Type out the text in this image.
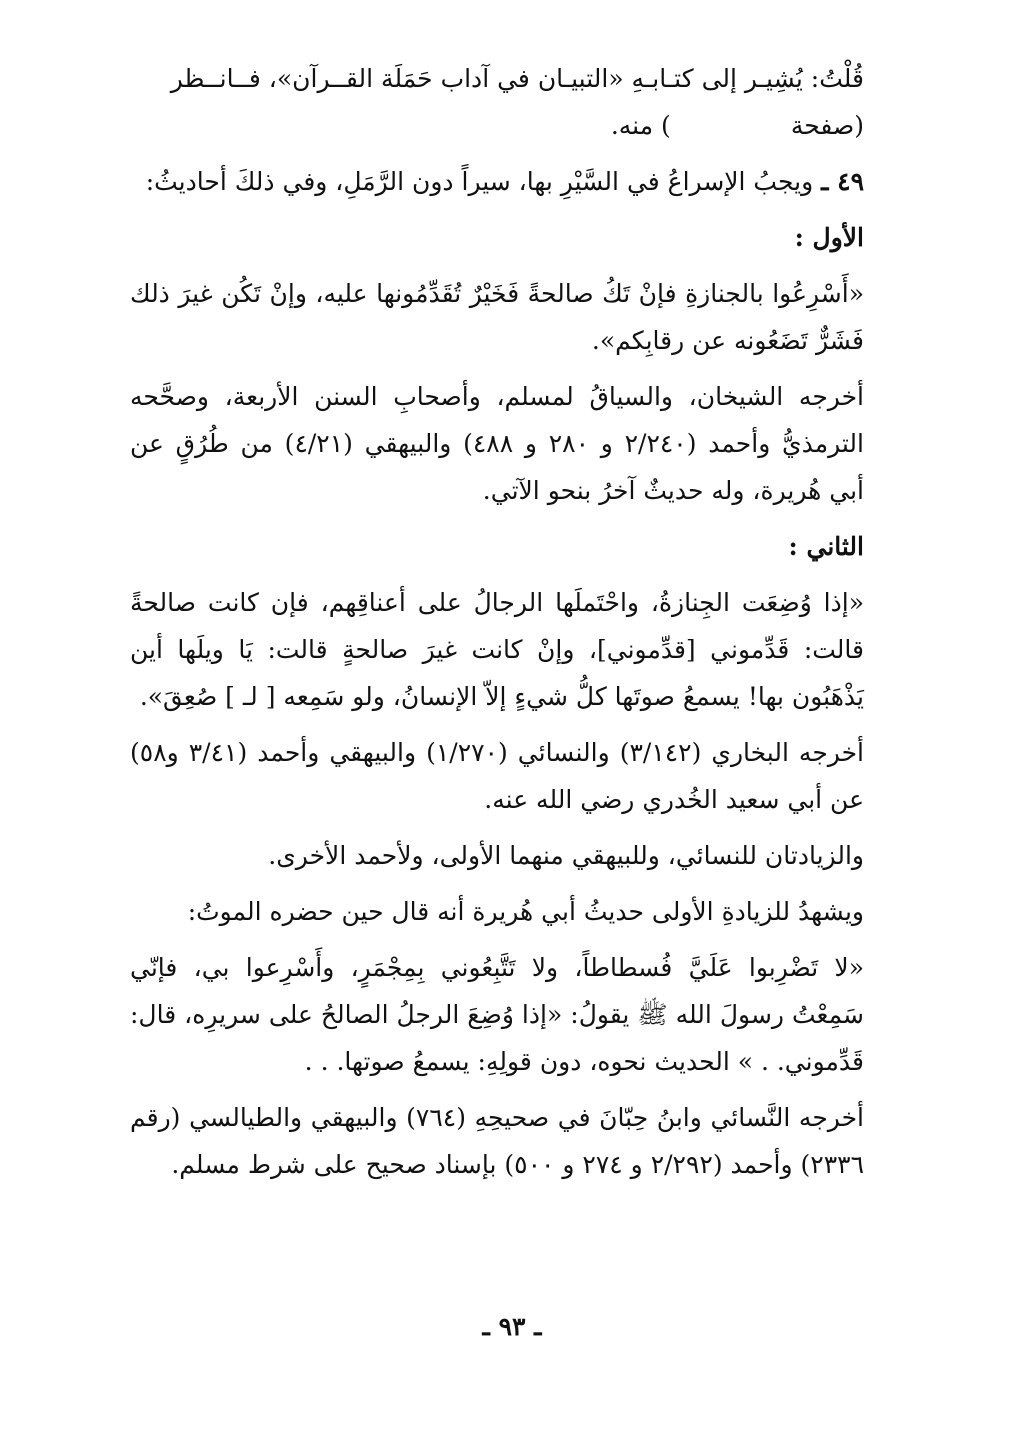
قُلْتُ: يُشِيـر إلى كتـابـهِ «التبيـان في آداب حَمَلَة القــرآن»، فــانــظر
(صفحة) منه.

٤٩ ـ ويجبُ الإسراعُ في السَّيْرِ بها، سيراً دون الرَّمَلِ، وفي ذلكَ أحاديثُ:

الأول :

«أَسْرِعُوا بالجنازةِ فإنْ تَكُ صالحةً فَخَيْرٌ تُقَدِّمُونها عليه، وإنْ تَكُن غيرَ ذلك فَشَرٌّ تَضَعُونه عن رقابِكم».

أخرجه الشيخان، والسياقُ لمسلم، وأصحابِ السنن الأربعة، وصحَّحه الترمذيُّ وأحمد (٢/٢٤٠ و ٢٨٠ و ٤٨٨) والبيهقي (٤/٢١) من طُرُقٍ عن أبي هُريرة، وله حديثٌ آخرُ بنحو الآتي.

الثاني :

«إذا وُضِعَت الجِنازةُ، واحْتَملَها الرجالُ على أعناقِهم، فإن كانت صالحةً قالت: قَدِّموني [قدِّموني]، وإنْ كانت غيرَ صالحةٍ قالت: يَا ويلَها أين يَذْهَبُون بها! يسمعُ صوتَها كلُّ شيءٍ إلاّ الإنسانُ، ولو سَمِعه [ لـ ] صُعِقَ».

أخرجه البخاري (٣/١٤٢) والنسائي (١/٢٧٠) والبيهقي وأحمد (٣/٤١ و٥٨) عن أبي سعيد الخُدري رضي الله عنه.

والزيادتان للنسائي، وللبيهقي منهما الأولى، ولأحمد الأخرى.

ويشهدُ للزيادةِ الأولى حديثُ أبي هُريرة أنه قال حين حضره الموتُ:

«لا تَضْرِبوا عَلَيَّ فُسطاطاً، ولا تَتَّبِعُوني بِمِجْمَرٍ، وأَسْرِعوا بي، فإنّي سَمِعْتُ رسولَ الله ﷺ يقولُ: «إذا وُضِعَ الرجلُ الصالحُ على سريرِه، قال: قَدِّموني. . » الحديث نحوه، دون قولِهِ: يسمعُ صوتها. . .

أخرجه النَّسائي وابنُ حِبّانَ في صحيحِهِ (٧٦٤) والبيهقي والطيالسي (رقم ٢٣٣٦) وأحمد (٢/٢٩٢ و ٢٧٤ و ٥٠٠) بإسناد صحيح على شرط مسلم.

ـ ٩٣ ـ
